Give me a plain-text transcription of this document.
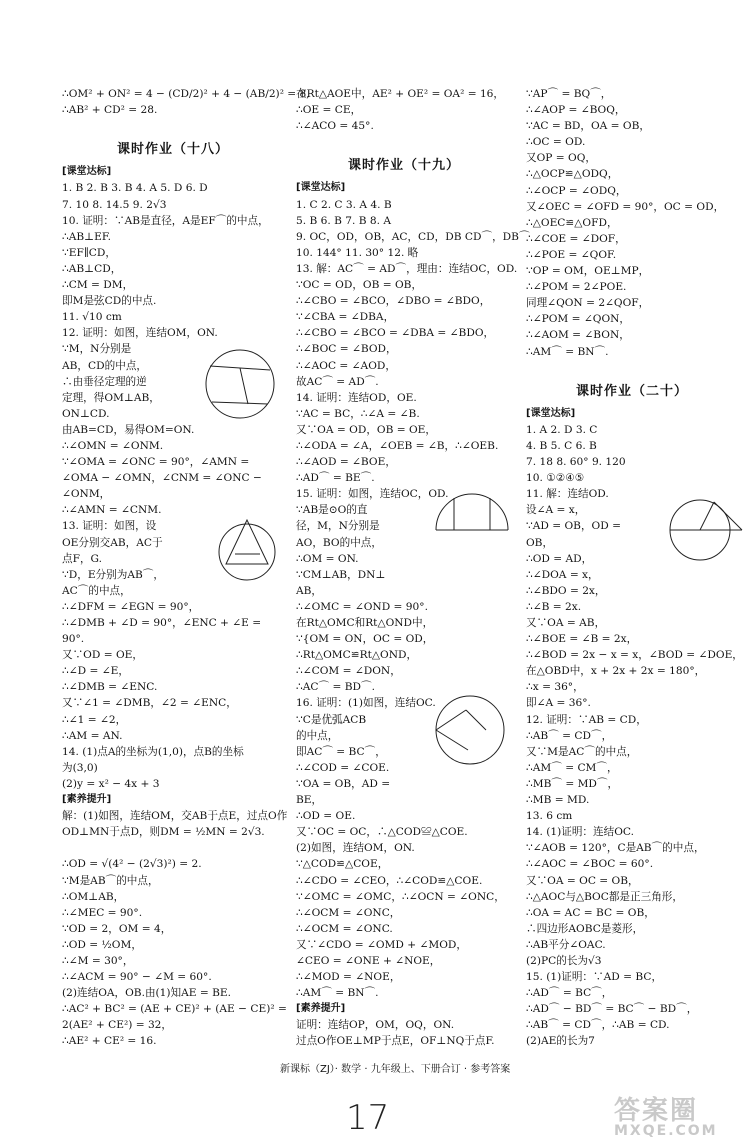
∴OM² + ON² = 4 − (CD/2)² + 4 − (AB/2)² = 8,
∴AB² + CD² = 28.

课时作业（十八）
[课堂达标]
1. B 2. B 3. B 4. A 5. D 6. D
7. 10 8. 14.5 9. 2√3
10. 证明：∵AB是直径，A是EF⌒的中点，
∴AB⊥EF.
∵EF∥CD，
∴AB⊥CD，
∴CM = DM，
即M是弦CD的中点.
11. √10 cm
12. 证明：如图，连结OM，ON.
∵M，N分别是
AB，CD的中点，
∴由垂径定理的逆
定理，得OM⊥AB，
ON⊥CD.
由AB=CD，易得OM=ON.
∴∠OMN = ∠ONM.
∵∠OMA = ∠ONC = 90°，∠AMN =
∠OMA − ∠OMN，∠CNM = ∠ONC −
∠ONM，
∴∠AMN = ∠CNM.
13. 证明：如图，设
OE分别交AB，AC于
点F，G.
∵D，E分别为AB⌒，
AC⌒的中点，
∴∠DFM = ∠EGN = 90°，
∴∠DMB + ∠D = 90°，∠ENC + ∠E =
90°.
又∵OD = OE，
∴∠D = ∠E，
∴∠DMB = ∠ENC.
又∵∠1 = ∠DMB，∠2 = ∠ENC，
∴∠1 = ∠2，
∴AM = AN.
14. (1)点A的坐标为(1,0)，点B的坐标
为(3,0)
(2)y = x² − 4x + 3
[素养提升]
解：(1)如图，连结OM，交AB于点E，过点O作
OD⊥MN于点D，则DM = ½MN = 2√3.

∴OD = √(4² − (2√3)²) = 2.
∵M是AB⌒的中点，
∴OM⊥AB，
∴∠MEC = 90°.
∵OD = 2，OM = 4，
∴OD = ½OM，
∴∠M = 30°，
∴∠ACM = 90° − ∠M = 60°.
(2)连结OA，OB.由(1)知AE = BE.
∴AC² + BC² = (AE + CE)² + (AE − CE)² =
2(AE² + CE²) = 32，
∴AE² + CE² = 16.
在Rt△AOE中，AE² + OE² = OA² = 16，
∴OE = CE，
∴∠ACO = 45°.

课时作业（十九）
[课堂达标]
1. C 2. C 3. A 4. B
5. B 6. B 7. B 8. A
9. OC，OD，OB，AC，CD，DB CD⌒，DB⌒
10. 144° 11. 30° 12. 略
13. 解：AC⌒ = AD⌒，理由：连结OC，OD.
∵OC = OD，OB = OB，
∴∠CBO = ∠BCO，∠DBO = ∠BDO，
∵∠CBA = ∠DBA，
∴∠CBO = ∠BCO = ∠DBA = ∠BDO，
∴∠BOC = ∠BOD，
∴∠AOC = ∠AOD，
故AC⌒ = AD⌒.
14. 证明：连结OD，OE.
∵AC = BC，∴∠A = ∠B.
又∵OA = OD，OB = OE，
∴∠ODA = ∠A，∠OEB = ∠B，∴∠OEB.
∴∠AOD = ∠BOE，
∴AD⌒ = BE⌒.
15. 证明：如图，连结OC，OD.
∵AB是⊙O的直
径，M，N分别是
AO，BO的中点，
∴OM = ON.
∵CM⊥AB，DN⊥
AB，
∴∠OMC = ∠OND = 90°.
在Rt△OMC和Rt△OND中，
∵{OM = ON，OC = OD，
∴Rt△OMC≌Rt△OND，
∴∠COM = ∠DON，
∴AC⌒ = BD⌒.
16. 证明：(1)如图，连结OC.
∵C是优弧ACB
的中点，
即AC⌒ = BC⌒，
∴∠COD = ∠COE.
∵OA = OB，AD =
BE，
∴OD = OE.
又∵OC = OC，∴△COD≌△COE.
(2)如图，连结OM，ON.
∵△COD≌△COE，
∴∠CDO = ∠CEO，∴∠COD≌△COE.
∵∠OMC = ∠OMC，∴∠OCN = ∠ONC，
∴∠OCM = ∠ONC，
∴∠OCM = ∠ONC.
又∵∠CDO = ∠OMD + ∠MOD，
∠CEO = ∠ONE + ∠NOE，
∴∠MOD = ∠NOE，
∴AM⌒ = BN⌒.
[素养提升]
证明：连结OP，OM，OQ，ON.
过点O作OE⊥MP于点E，OF⊥NQ于点F.
∵AP⌒ = BQ⌒，
∴∠AOP = ∠BOQ，
∵AC = BD，OA = OB，
∴OC = OD.
又OP = OQ，
∴△OCP≌△ODQ，
∴∠OCP = ∠ODQ，
又∠OEC = ∠OFD = 90°，OC = OD，
∴△OEC≌△OFD，
∴∠COE = ∠DOF，
∴∠POE = ∠QOF.
∵OP = OM，OE⊥MP，
∴∠POM = 2∠POE.
同理∠QON = 2∠QOF，
∴∠POM = ∠QON，
∴∠AOM = ∠BON，
∴AM⌒ = BN⌒.

课时作业（二十）
[课堂达标]
1. A 2. D 3. C
4. B 5. C 6. B
7. 18 8. 60° 9. 120
10. ①②④⑤
11. 解：连结OD.
设∠A = x，
∵AD = OB，OD =
OB，
∴OD = AD，
∴∠DOA = x，
∴∠BDO = 2x，
∴∠B = 2x.
又∵OA = AB，
∴∠BOE = ∠B = 2x，
∴∠BOD = 2x − x = x，∠BOD = ∠DOE，
在△OBD中，x + 2x + 2x = 180°，
∴x = 36°，
即∠A = 36°.
12. 证明：∵AB = CD，
∴AB⌒ = CD⌒，
又∵M是AC⌒的中点，
∴AM⌒ = CM⌒，
∴MB⌒ = MD⌒，
∴MB = MD.
13. 6 cm
14. (1)证明：连结OC.
∵∠AOB = 120°，C是AB⌒的中点，
∴∠AOC = ∠BOC = 60°.
又∵OA = OC = OB，
∴△AOC与△BOC都是正三角形，
∴OA = AC = BC = OB，
∴四边形AOBC是菱形，
∴AB平分∠OAC.
(2)PC的长为√3
15. (1)证明：∵AD = BC，
∴AD⌒ = BC⌒，
∴AD⌒ − BD⌒ = BC⌒ − BD⌒，
∴AB⌒ = CD⌒，∴AB = CD.
(2)AE的长为7
新课标（ZJ）· 数学 · 九年级上、下册合订 · 参考答案
17	答案圈
MXQE.COM
